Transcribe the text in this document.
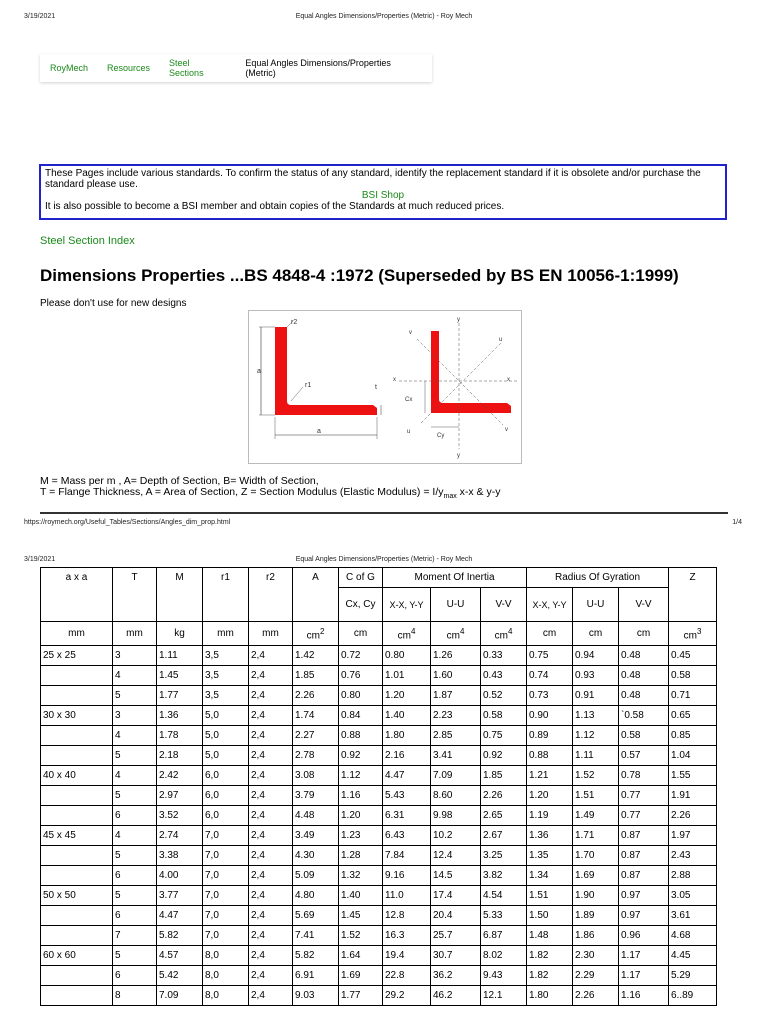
3/19/2021	Equal Angles Dimensions/Properties (Metric) - Roy Mech
RoyMech Resources Steel Sections
Equal Angles Dimensions/Properties (Metric)
These Pages include various standards. To confirm the status of any standard, identify the replacement standard if it is obsolete and/or purchase the standard please use.
BSI Shop
It is also possible to become a BSI member and obtain copies of the Standards at much reduced prices.
Steel Section Index
Dimensions Properties ...BS 4848-4 :1972 (Superseded by BS EN 10056-1:1999)
Please don't use for new designs
a
r2
r1
a
t
y
y
v
v
u
u
x	x
Cx
Cy
M = Mass per m , A= Depth of Section, B= Width of Section,
T = Flange Thickness, A = Area of Section, Z = Section Modulus (Elastic Modulus) = $I/y_{max}$ x-x & y-y
https://roymech.org/Useful_Tables/Sections/Angles_dim_prop.html	1/4
3/19/2021	Equal Angles Dimensions/Properties (Metric) - Roy Mech
a x a	T	M	r1	r2	A	C of G	Moment Of Inertia			Radius Of Gyration			Z
						Cx, Cy	X-X, Y-Y	U-U	V-V	X-X, Y-Y	U-U	V-V	
mm	mm	kg	mm	mm	$cm^2$	cm	$cm^4$	$cm^4$	$cm^4$	cm	cm	cm	$cm^3$
25 x 25	3	1.11	3,5	2,4	1.42	0.72	0.80	1.26	0.33	0.75	0.94	0.48	0.45
	4	1.45	3,5	2,4	1.85	0.76	1.01	1.60	0.43	0.74	0.93	0.48	0.58
	5	1.77	3,5	2,4	2.26	0.80	1.20	1.87	0.52	0.73	0.91	0.48	0.71
30 x 30	3	1.36	5,0	2,4	1.74	0.84	1.40	2.23	0.58	0.90	1.13	`0.58	0.65
	4	1.78	5,0	2,4	2.27	0.88	1.80	2.85	0.75	0.89	1.12	0.58	0.85
	5	2.18	5,0	2,4	2.78	0.92	2.16	3.41	0.92	0.88	1.11	0.57	1.04
40 x 40	4	2.42	6,0	2,4	3.08	1.12	4.47	7.09	1.85	1.21	1.52	0.78	1.55
	5	2.97	6,0	2,4	3.79	1.16	5.43	8.60	2.26	1.20	1.51	0.77	1.91
	6	3.52	6,0	2,4	4.48	1.20	6.31	9.98	2.65	1.19	1.49	0.77	2.26
45 x 45	4	2.74	7,0	2,4	3.49	1.23	6.43	10.2	2.67	1.36	1.71	0.87	1.97
	5	3.38	7,0	2,4	4.30	1.28	7.84	12.4	3.25	1.35	1.70	0.87	2.43
	6	4.00	7,0	2,4	5.09	1.32	9.16	14.5	3.82	1.34	1.69	0.87	2.88
50 x 50	5	3.77	7,0	2,4	4.80	1.40	11.0	17.4	4.54	1.51	1.90	0.97	3.05
	6	4.47	7,0	2,4	5.69	1.45	12.8	20.4	5.33	1.50	1.89	0.97	3.61
	7	5.82	7,0	2,4	7.41	1.52	16.3	25.7	6.87	1.48	1.86	0.96	4.68
60 x 60	5	4.57	8,0	2,4	5.82	1.64	19.4	30.7	8.02	1.82	2.30	1.17	4.45
	6	5.42	8,0	2,4	6.91	1.69	22.8	36.2	9.43	1.82	2.29	1.17	5.29
	8	7.09	8,0	2,4	9.03	1.77	29.2	46.2	12.1	1.80	2.26	1.16	6..89
